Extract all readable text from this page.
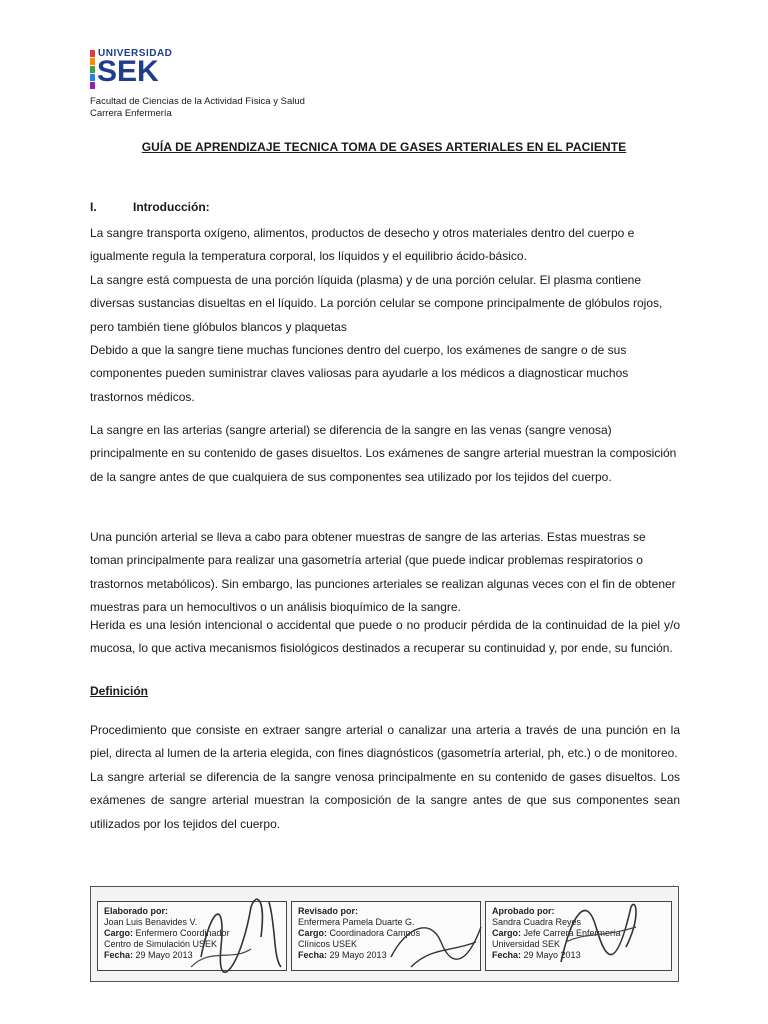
UNIVERSIDAD
SEK
Facultad de Ciencias de la Actividad Física y Salud
Carrera Enfermería
GUÍA DE APRENDIZAJE TECNICA TOMA DE GASES ARTERIALES EN EL PACIENTE
I.	Introducción:

La sangre transporta oxígeno, alimentos, productos de desecho y otros materiales dentro del cuerpo e igualmente regula la temperatura corporal, los líquidos y el equilibrio ácido-básico.

La sangre está compuesta de una porción líquida (plasma) y de una porción celular. El plasma contiene diversas sustancias disueltas en el líquido. La porción celular se compone principalmente de glóbulos rojos, pero también tiene glóbulos blancos y plaquetas

Debido a que la sangre tiene muchas funciones dentro del cuerpo, los exámenes de sangre o de sus componentes pueden suministrar claves valiosas para ayudarle a los médicos a diagnosticar muchos trastornos médicos.

La sangre en las arterias (sangre arterial) se diferencia de la sangre en las venas (sangre venosa) principalmente en su contenido de gases disueltos. Los exámenes de sangre arterial muestran la composición de la sangre antes de que cualquiera de sus componentes sea utilizado por los tejidos del cuerpo.

Una punción arterial se lleva a cabo para obtener muestras de sangre de las arterias. Estas muestras se toman principalmente para realizar una gasometría arterial (que puede indicar problemas respiratorios o trastornos metabólicos). Sin embargo, las punciones arteriales se realizan algunas veces con el fin de obtener muestras para un hemocultivos o un análisis bioquímico de la sangre.

Herida es una lesión intencional o accidental que puede o no producir pérdida de la continuidad de la piel y/o mucosa, lo que activa mecanismos fisiológicos destinados a recuperar su continuidad y, por ende, su función.

Definición

Procedimiento que consiste en extraer sangre arterial o canalizar una arteria a través de una punción en la piel, directa al lumen de la arteria elegida, con fines diagnósticos (gasometría arterial, ph, etc.) o de monitoreo.

La sangre arterial se diferencia de la sangre venosa principalmente en su contenido de gases disueltos. Los exámenes de sangre arterial muestran la composición de la sangre antes de que sus componentes sean utilizados por los tejidos del cuerpo.

Elaborado por:
Joan Luis Benavides V.
Cargo: Enfermero Coordinador
Centro de Simulación USEK
Fecha: 29 Mayo 2013
Revisado por:
Enfermera Pamela Duarte G.
Cargo: Coordinadora Campos
Clínicos USEK
Fecha: 29 Mayo 2013
Aprobado por:
Sandra Cuadra Reyes
Cargo: Jefe Carrera Enfermería
Universidad SEK
Fecha: 29 Mayo 2013
